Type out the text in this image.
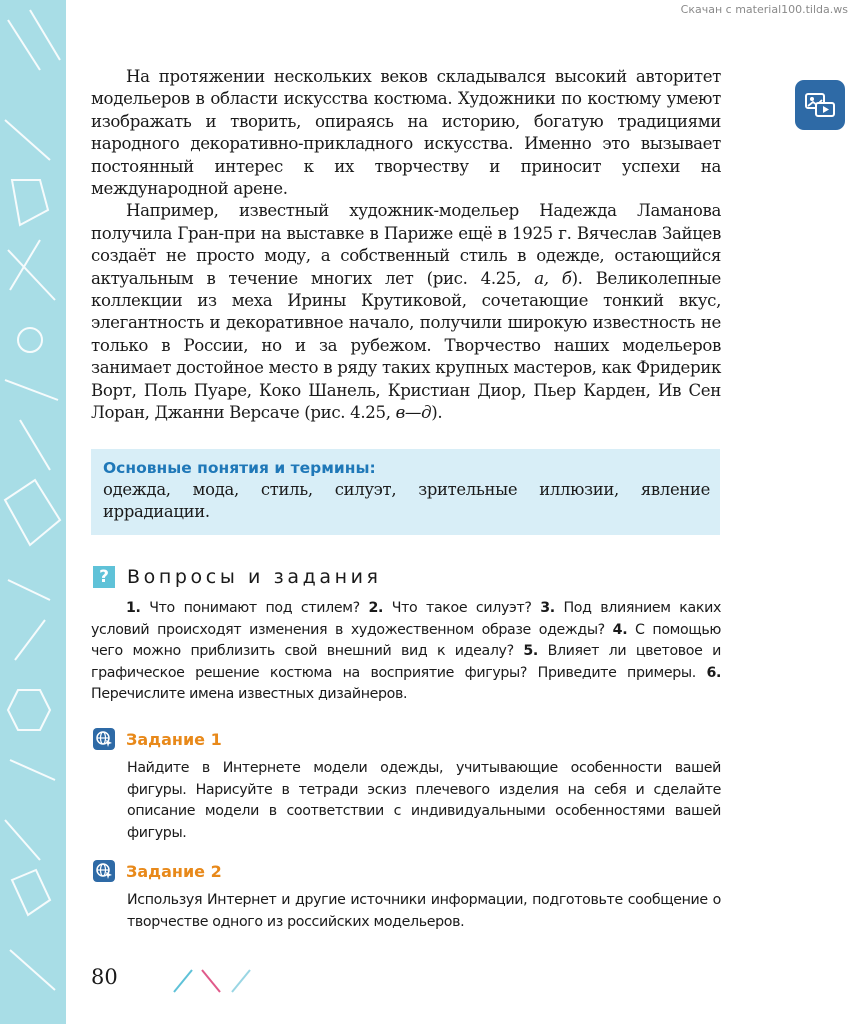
Скачан с material100.tilda.ws

На протяжении нескольких веков складывался высокий авторитет модельеров в области искусства костюма. Художники по костюму умеют изображать и творить, опираясь на историю, богатую традициями народного декоративно-прикладного искусства. Именно это вызывает постоянный интерес к их творчеству и приносит успехи на международной арене.

Например, известный художник-модельер Надежда Ламанова получила Гран-при на выставке в Париже ещё в 1925 г. Вячеслав Зайцев создаёт не просто моду, а собственный стиль в одежде, остающийся актуальным в течение многих лет (рис. 4.25, а, б). Великолепные коллекции из меха Ирины Крутиковой, сочетающие тонкий вкус, элегантность и декоративное начало, получили широкую известность не только в России, но и за рубежом. Творчество наших модельеров занимает достойное место в ряду таких крупных мастеров, как Фридерик Ворт, Поль Пуаре, Коко Шанель, Кристиан Диор, Пьер Карден, Ив Сен Лоран, Джанни Версаче (рис. 4.25, в—д).

Основные понятия и термины:
одежда, мода, стиль, силуэт, зрительные иллюзии, явление иррадиации.
? Вопросы и задания
1. Что понимают под стилем? 2. Что такое силуэт? 3. Под влиянием каких условий происходят изменения в художественном образе одежды? 4. С помощью чего можно приблизить свой внешний вид к идеалу? 5. Влияет ли цветовое и графическое решение костюма на восприятие фигуры? Приведите примеры. 6. Перечислите имена известных дизайнеров.
Задание 1
Найдите в Интернете модели одежды, учитывающие особенности вашей фигуры. Нарисуйте в тетради эскиз плечевого изделия на себя и сделайте описание модели в соответствии с индивидуальными особенностями вашей фигуры.
Задание 2
Используя Интернет и другие источники информации, подготовьте сообщение о творчестве одного из российских модельеров.
80
